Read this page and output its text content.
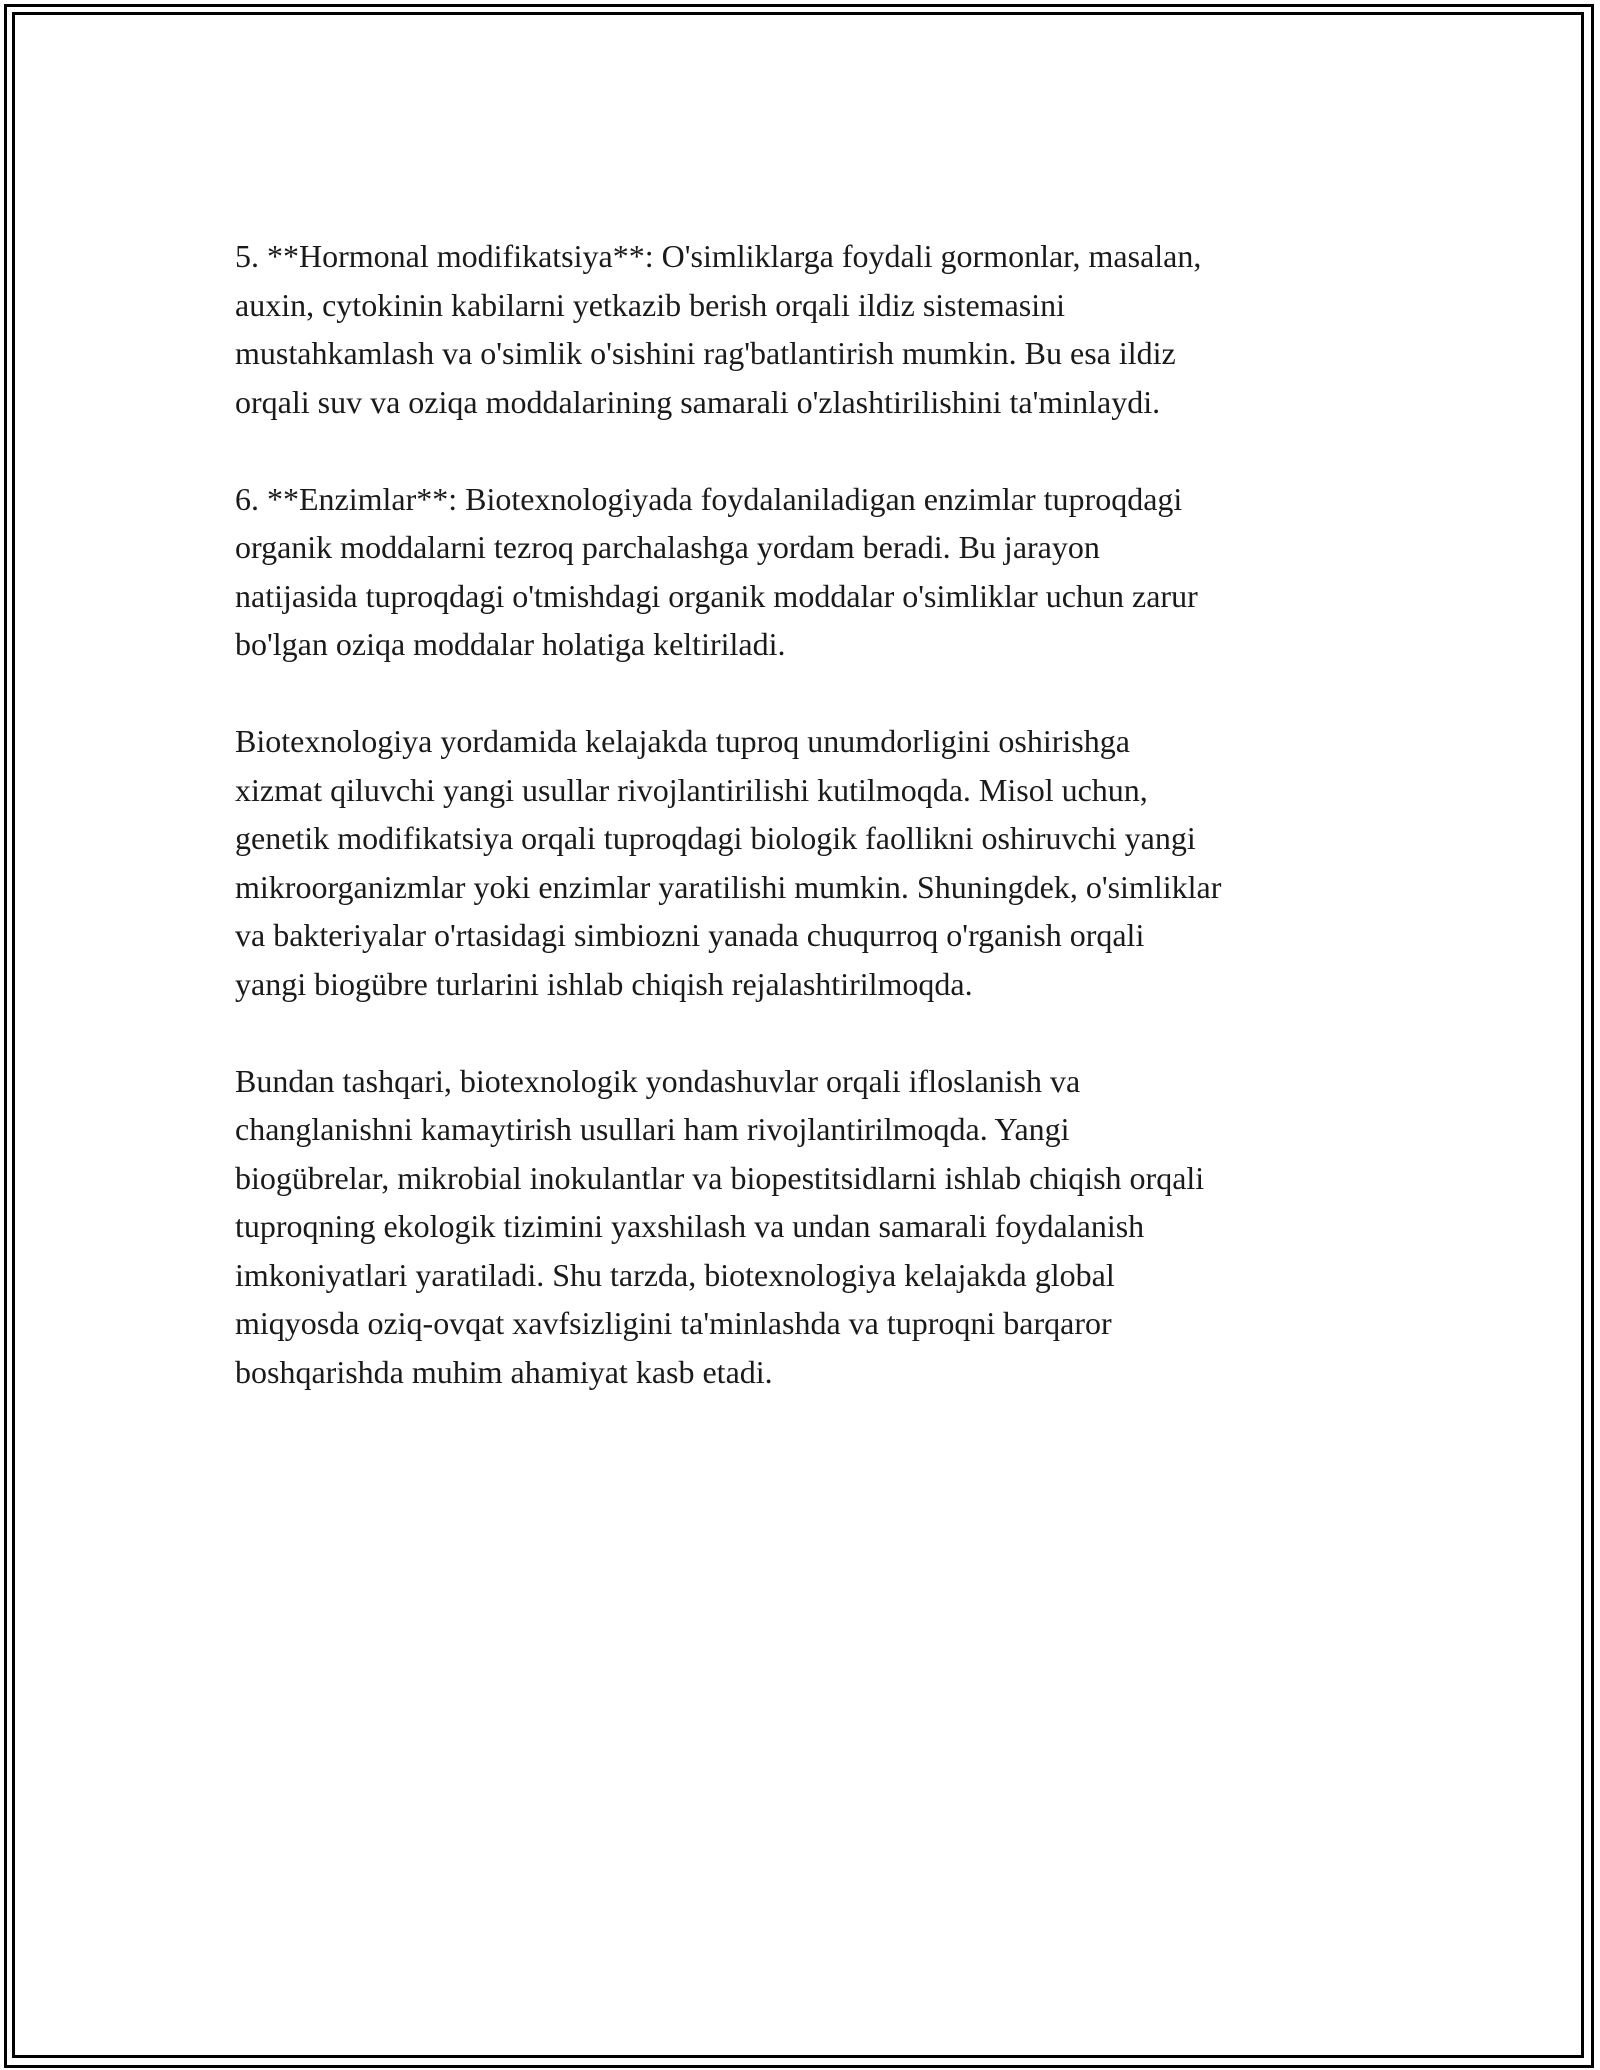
5. **Hormonal modifikatsiya**: O'simliklarga foydali gormonlar, masalan,
auxin, cytokinin kabilarni yetkazib berish orqali ildiz sistemasini
mustahkamlash va o'simlik o'sishini rag'batlantirish mumkin. Bu esa ildiz
orqali suv va oziqa moddalarining samarali o'zlashtirilishini ta'minlaydi.

6. **Enzimlar**: Biotexnologiyada foydalaniladigan enzimlar tuproqdagi
organik moddalarni tezroq parchalashga yordam beradi. Bu jarayon
natijasida tuproqdagi o'tmishdagi organik moddalar o'simliklar uchun zarur
bo'lgan oziqa moddalar holatiga keltiriladi.

Biotexnologiya yordamida kelajakda tuproq unumdorligini oshirishga
xizmat qiluvchi yangi usullar rivojlantirilishi kutilmoqda. Misol uchun,
genetik modifikatsiya orqali tuproqdagi biologik faollikni oshiruvchi yangi
mikroorganizmlar yoki enzimlar yaratilishi mumkin. Shuningdek, o'simliklar
va bakteriyalar o'rtasidagi simbiozni yanada chuqurroq o'rganish orqali
yangi biogübre turlarini ishlab chiqish rejalashtirilmoqda.

Bundan tashqari, biotexnologik yondashuvlar orqali ifloslanish va
changlanishni kamaytirish usullari ham rivojlantirilmoqda. Yangi
biogübrelar, mikrobial inokulantlar va biopestitsidlarni ishlab chiqish orqali
tuproqning ekologik tizimini yaxshilash va undan samarali foydalanish
imkoniyatlari yaratiladi. Shu tarzda, biotexnologiya kelajakda global
miqyosda oziq-ovqat xavfsizligini ta'minlashda va tuproqni barqaror
boshqarishda muhim ahamiyat kasb etadi.
